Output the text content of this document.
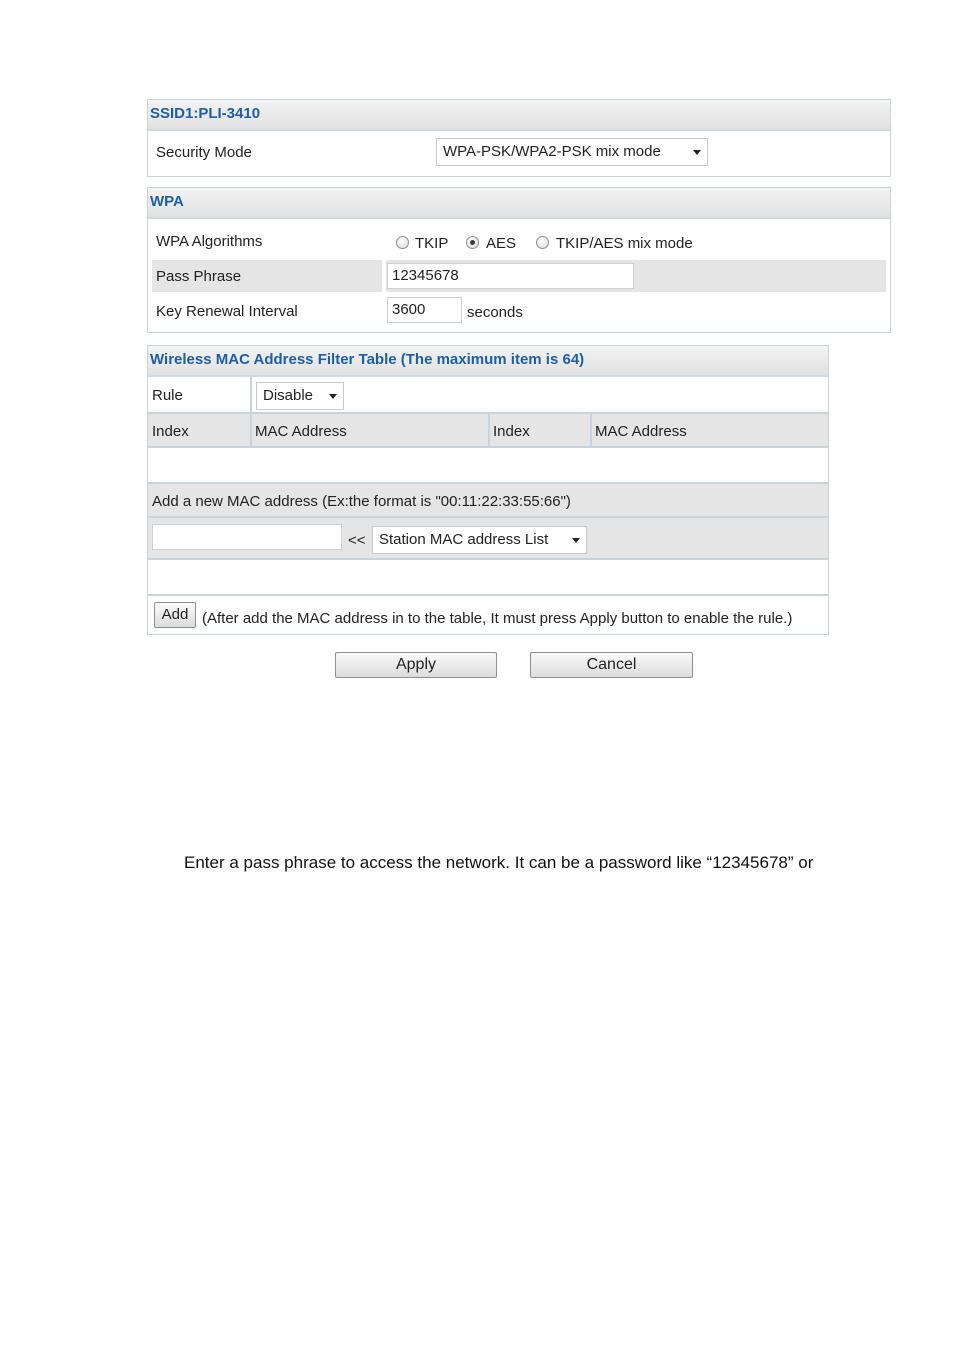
SSID1:PLI-3410
Security Mode	WPA-PSK/WPA2-PSK mix mode
WPA
WPA Algorithms	TKIP	AES	TKIP/AES mix mode
Pass Phrase	12345678
Key Renewal Interval	3600	seconds
Wireless MAC Address Filter Table (The maximum item is 64)
Rule	Disable
Index	MAC Address	Index	MAC Address
Add a new MAC address (Ex:the format is "00:11:22:33:55:66")
<< Station MAC address List
Add (After add the MAC address in to the table, It must press Apply button to enable the rule.)
Apply	Cancel
Enter a pass phrase to access the network. It can be a password like “12345678” or
